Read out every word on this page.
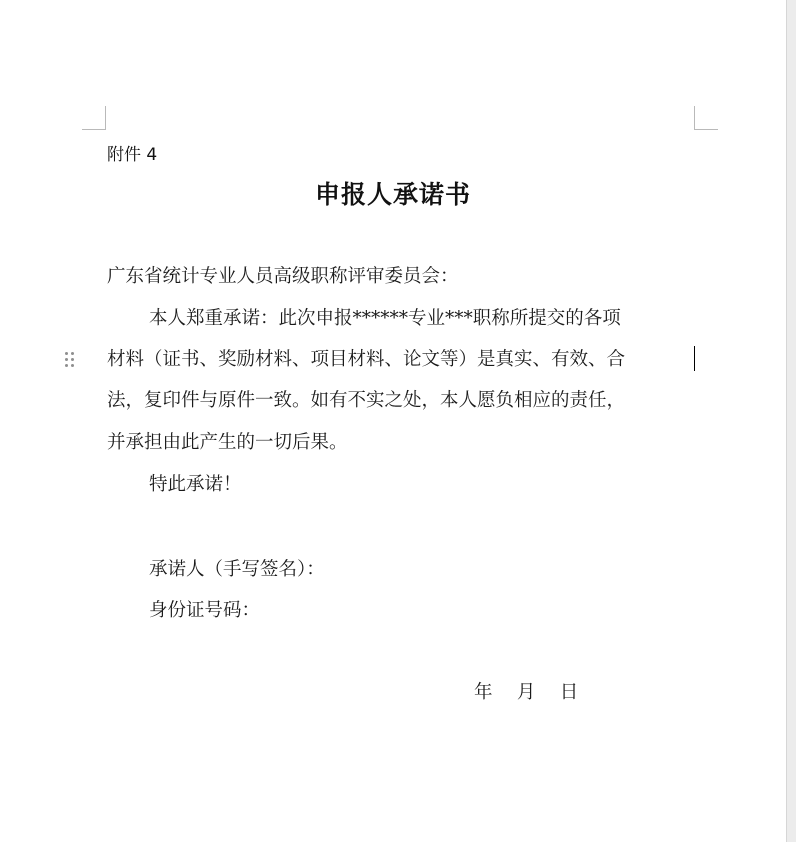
附件 4
申报人承诺书
广东省统计专业人员高级职称评审委员会：
本人郑重承诺：此次申报******专业***职称所提交的各项
材料（证书、奖励材料、项目材料、论文等）是真实、有效、合
法，复印件与原件一致。如有不实之处，本人愿负相应的责任，
并承担由此产生的一切后果。
特此承诺！
承诺人（手写签名）：
身份证号码：
年　 月　 日
